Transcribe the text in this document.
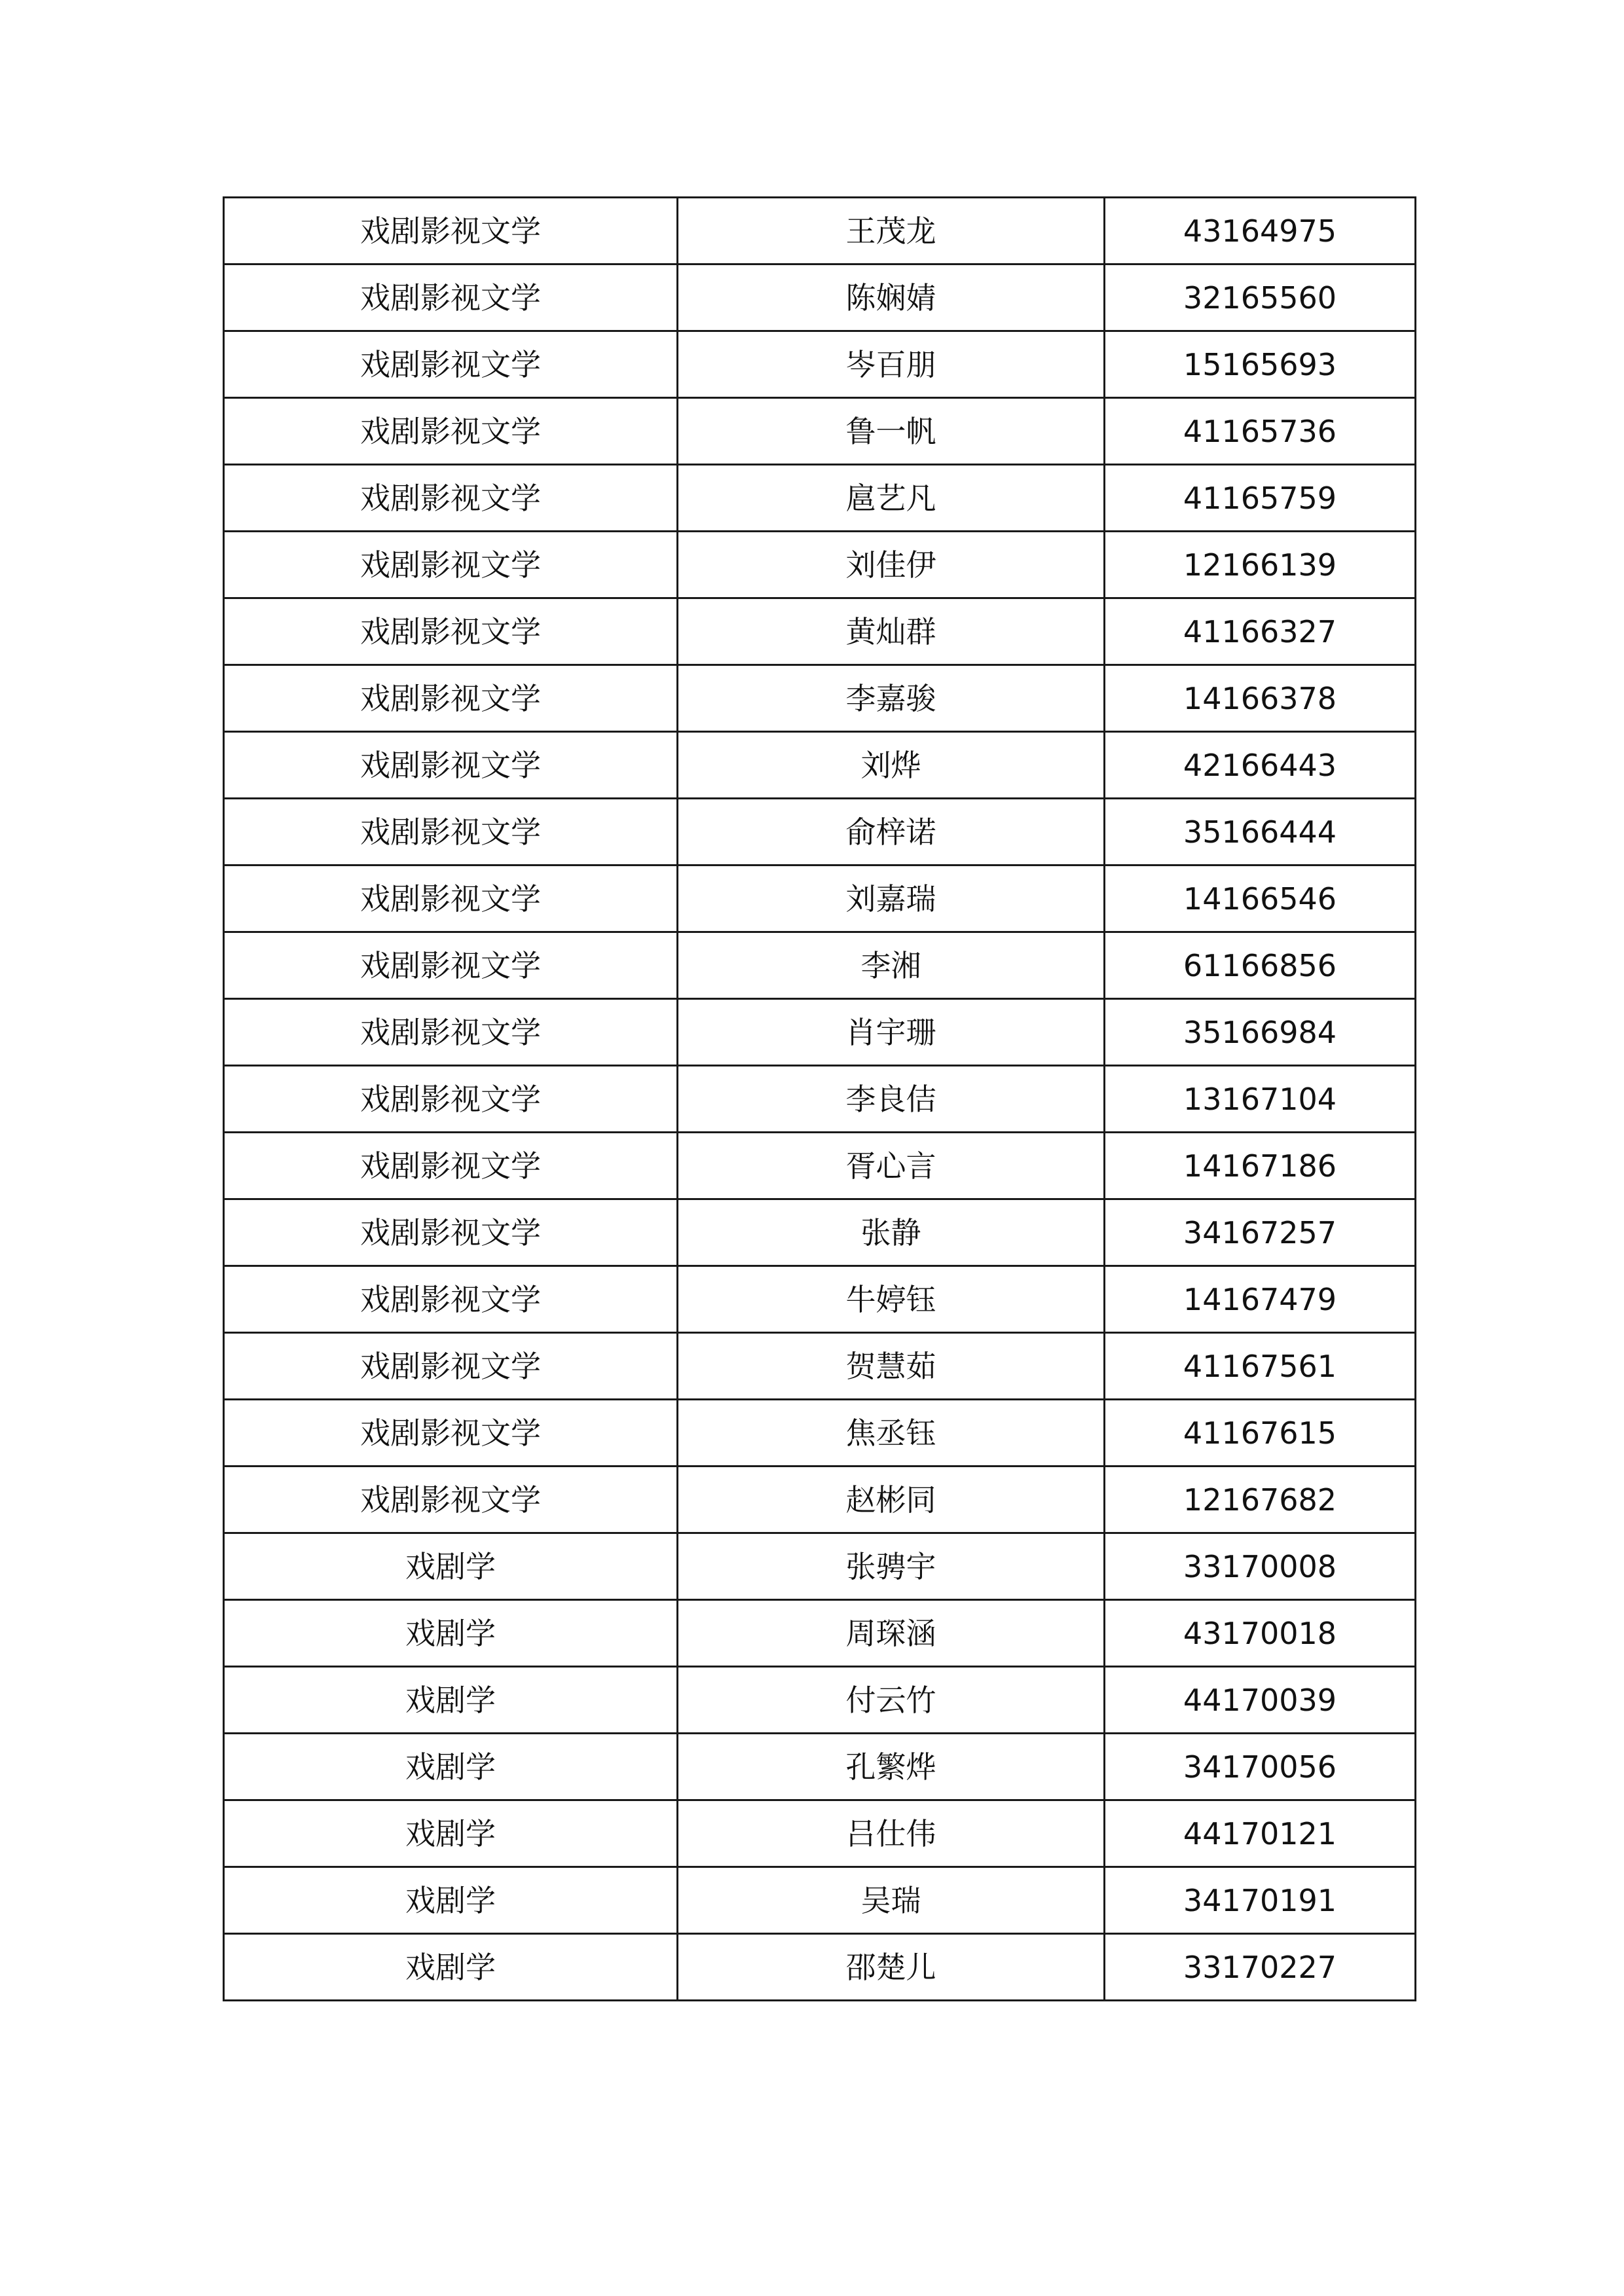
戏剧影视文学	王茂龙	43164975
戏剧影视文学	陈娴婧	32165560
戏剧影视文学	岑百朋	15165693
戏剧影视文学	鲁一帆	41165736
戏剧影视文学	扈艺凡	41165759
戏剧影视文学	刘佳伊	12166139
戏剧影视文学	黄灿群	41166327
戏剧影视文学	李嘉骏	14166378
戏剧影视文学	刘烨	42166443
戏剧影视文学	俞梓诺	35166444
戏剧影视文学	刘嘉瑞	14166546
戏剧影视文学	李湘	61166856
戏剧影视文学	肖宇珊	35166984
戏剧影视文学	李良佶	13167104
戏剧影视文学	胥心言	14167186
戏剧影视文学	张静	34167257
戏剧影视文学	牛婷钰	14167479
戏剧影视文学	贺慧茹	41167561
戏剧影视文学	焦丞钰	41167615
戏剧影视文学	赵彬同	12167682
戏剧学	张骋宇	33170008
戏剧学	周琛涵	43170018
戏剧学	付云竹	44170039
戏剧学	孔繁烨	34170056
戏剧学	吕仕伟	44170121
戏剧学	吴瑞	34170191
戏剧学	邵楚儿	33170227
